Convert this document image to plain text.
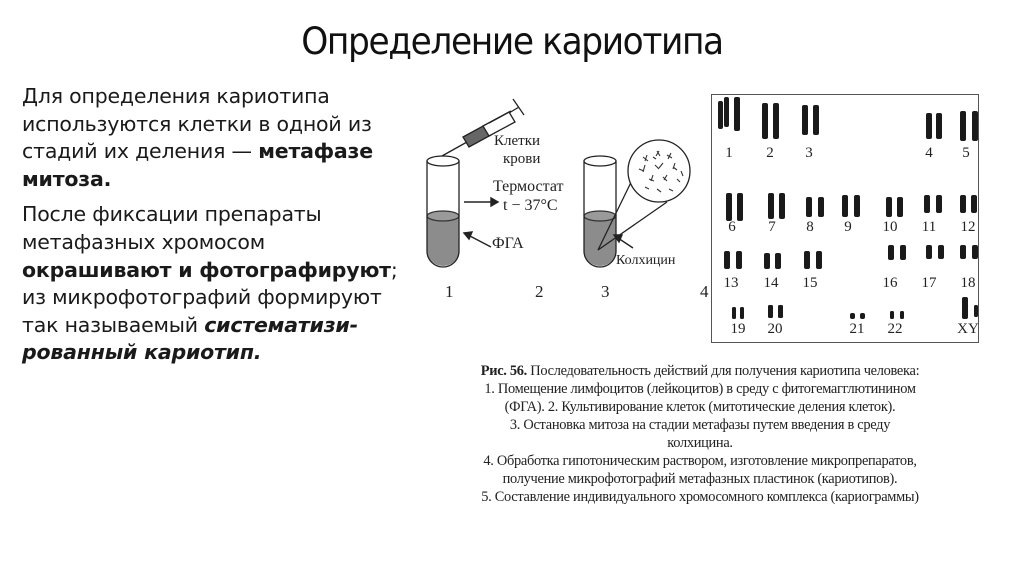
Определение кариотипа

Для определения кариотипа используются клетки в одной из стадий их деления — метафазе митоза.

После фиксации препараты метафазных хромосом окрашивают и фотографируют; из микрофотографий формируют так называемый систематизи-рованный кариотип.

Клетки
крови
Термостат
t − 37°C
ФГА
Колхицин
1	2	3	4
1	2	3	4	5
6	7	8	9	10	11	12
13	14	15	16	17	18
19	20	21	22	XY
Рис. 56. Последовательность действий для получения кариотипа человека:
1. Помещение лимфоцитов (лейкоцитов) в среду с фитогемагглютинином
(ФГА). 2. Культивирование клеток (митотические деления клеток).
3. Остановка митоза на стадии метафазы путем введения в среду
колхицина.
4. Обработка гипотоническим раствором, изготовление микропрепаратов,
получение микрофотографий метафазных пластинок (кариотипов).
5. Составление индивидуального хромосомного комплекса (кариограммы)
